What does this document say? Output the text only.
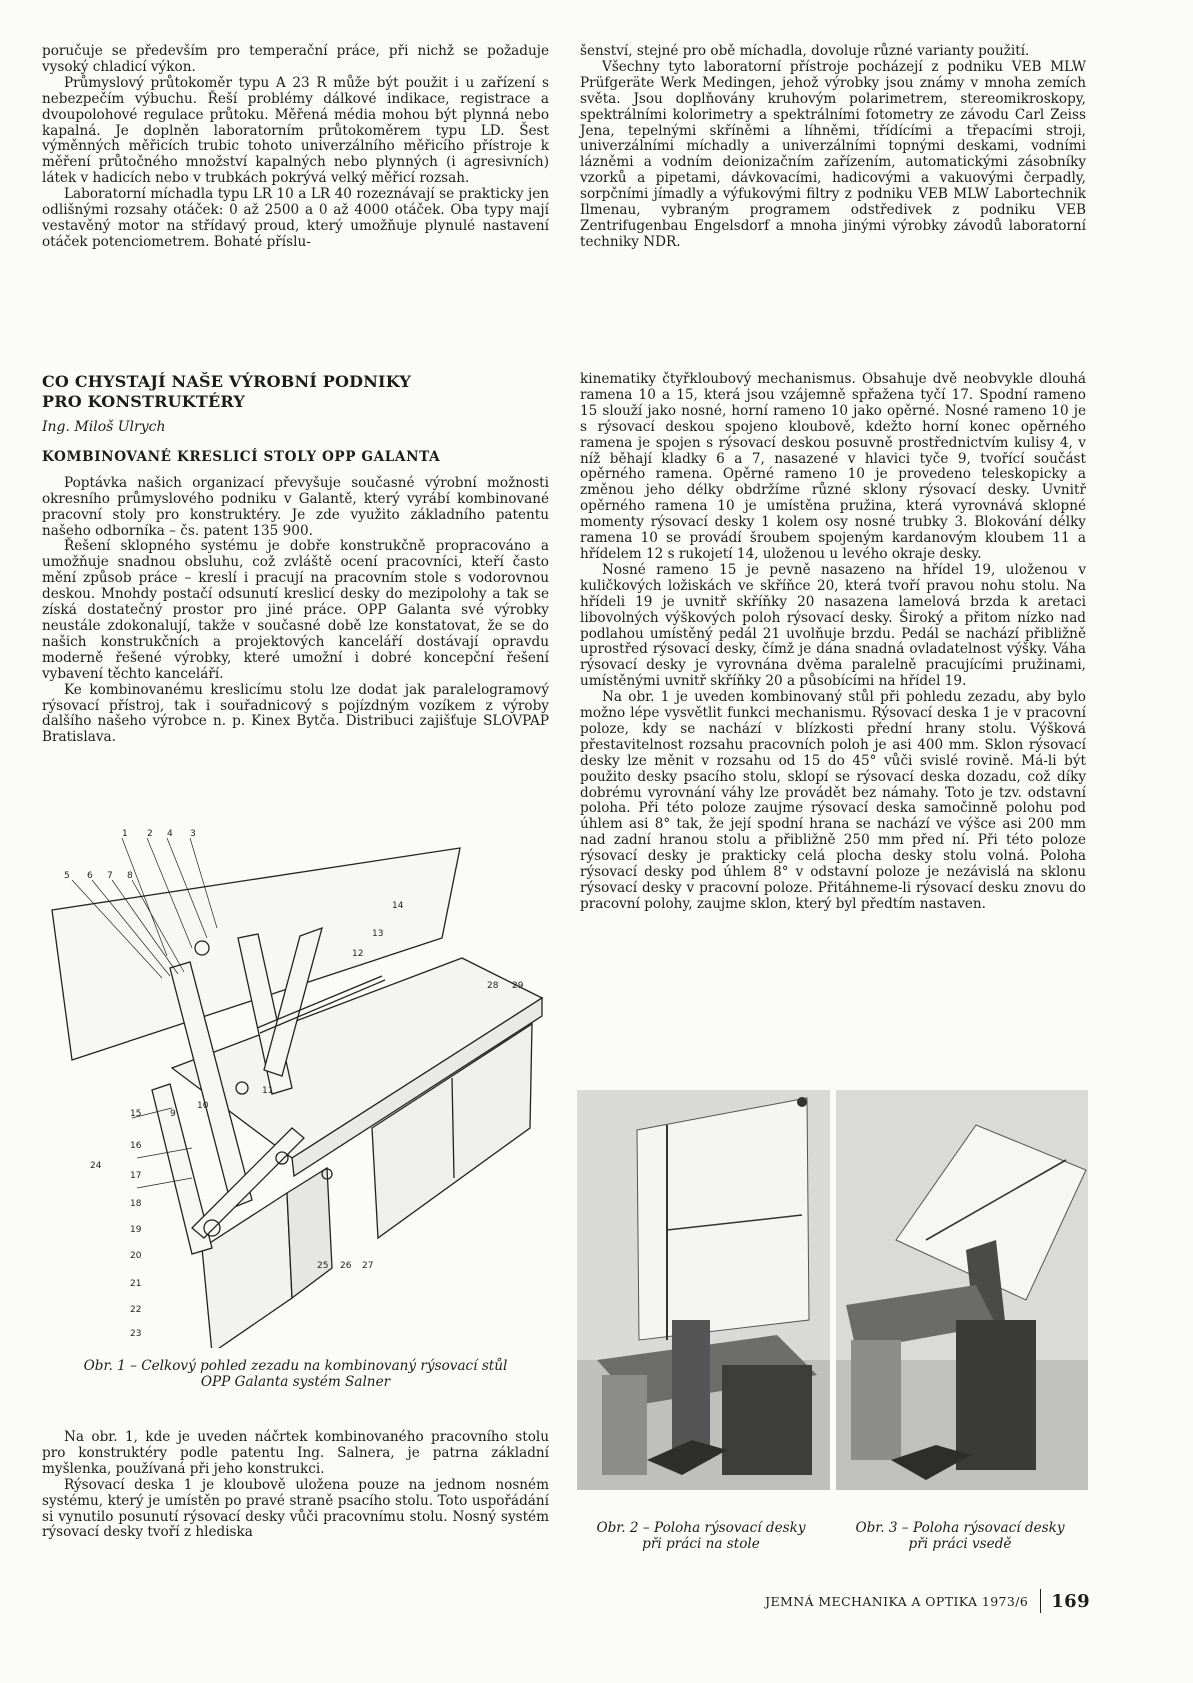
poručuje se především pro temperační práce, při nichž se požaduje vysoký chladicí výkon.

Průmyslový průtokoměr typu A 23 R může být použit i u zařízení s nebezpečím výbuchu. Řeší problémy dálkové indikace, registrace a dvoupolohové regulace průtoku. Měřená média mohou být plynná nebo kapalná. Je doplněn laboratorním průtokoměrem typu LD. Šest výměnných měřicích trubic tohoto univerzálního měřicího přístroje k měření průtočného množství kapalných nebo plynných (i agresivních) látek v hadicích nebo v trubkách pokrývá velký měřicí rozsah.

Laboratorní míchadla typu LR 10 a LR 40 rozeznávají se prakticky jen odlišnými rozsahy otáček: 0 až 2500 a 0 až 4000 otáček. Oba typy mají vestavěný motor na střídavý proud, který umožňuje plynulé nastavení otáček potenciometrem. Bohaté příslu-

šenství, stejné pro obě míchadla, dovoluje různé varianty použití.

Všechny tyto laboratorní přístroje pocházejí z podniku VEB MLW Prüfgeräte Werk Medingen, jehož výrobky jsou známy v mnoha zemích světa. Jsou doplňovány kruhovým polarimetrem, stereomikroskopy, spektrálními kolorimetry a spektrálními fotometry ze závodu Carl Zeiss Jena, tepelnými skříněmi a líhněmi, třídícími a třepacími stroji, univerzálními míchadly a univerzálními topnými deskami, vodními lázněmi a vodním deionizačním zařízením, automatickými zásobníky vzorků a pipetami, dávkovacími, hadicovými a vakuovými čerpadly, sorpčními jímadly a výfukovými filtry z podniku VEB MLW Labortechnik Ilmenau, vybraným programem odstředivek z podniku VEB Zentrifugenbau Engelsdorf a mnoha jinými výrobky závodů laboratorní techniky NDR.

CO CHYSTAJÍ NAŠE VÝROBNÍ PODNIKY
PRO KONSTRUKTÉRY
Ing. Miloš Ulrych
KOMBINOVANÉ KRESLICÍ STOLY OPP GALANTA

Poptávka našich organizací převyšuje současné výrobní možnosti okresního průmyslového podniku v Galantě, který vyrábí kombinované pracovní stoly pro konstruktéry. Je zde využito základního patentu našeho odborníka – čs. patent 135 900.

Řešení sklopného systému je dobře konstrukčně propracováno a umožňuje snadnou obsluhu, což zvláště ocení pracovníci, kteří často mění způsob práce – kreslí i pracují na pracovním stole s vodorovnou deskou. Mnohdy postačí odsunutí kreslicí desky do mezipolohy a tak se získá dostatečný prostor pro jiné práce. OPP Galanta své výrobky neustále zdokonalují, takže v současné době lze konstatovat, že se do našich konstrukčních a projektových kanceláří dostávají opravdu moderně řešené výrobky, které umožní i dobré koncepční řešení vybavení těchto kanceláří.

Ke kombinovanému kreslicímu stolu lze dodat jak paralelogramový rýsovací přístroj, tak i souřadnicový s pojízdným vozíkem z výroby dalšího našeho výrobce n. p. Kinex Bytča. Distribuci zajišťuje SLOVPAP Bratislava.

kinematiky čtyřkloubový mechanismus. Obsahuje dvě neobvykle dlouhá ramena 10 a 15, která jsou vzájemně spřažena tyčí 17. Spodní rameno 15 slouží jako nosné, horní rameno 10 jako opěrné. Nosné rameno 10 je s rýsovací deskou spojeno kloubově, kdežto horní konec opěrného ramena je spojen s rýsovací deskou posuvně prostřednictvím kulisy 4, v níž běhají kladky 6 a 7, nasazené v hlavici tyče 9, tvořící součást opěrného ramena. Opěrné rameno 10 je provedeno teleskopicky a změnou jeho délky obdržíme různé sklony rýsovací desky. Uvnitř opěrného ramena 10 je umístěna pružina, která vyrovnává sklopné momenty rýsovací desky 1 kolem osy nosné trubky 3. Blokování délky ramena 10 se provádí šroubem spojeným kardanovým kloubem 11 a hřídelem 12 s rukojetí 14, uloženou u levého okraje desky.

Nosné rameno 15 je pevně nasazeno na hřídel 19, uloženou v kuličkových ložiskách ve skříňce 20, která tvoří pravou nohu stolu. Na hřídeli 19 je uvnitř skříňky 20 nasazena lamelová brzda k aretaci libovolných výškových poloh rýsovací desky. Široký a přitom nízko nad podlahou umístěný pedál 21 uvolňuje brzdu. Pedál se nachází přibližně uprostřed rýsovací desky, čímž je dána snadná ovladatelnost výšky. Váha rýsovací desky je vyrovnána dvěma paralelně pracujícími pružinami, umístěnými uvnitř skříňky 20 a působícími na hřídel 19.

Na obr. 1 je uveden kombinovaný stůl při pohledu zezadu, aby bylo možno lépe vysvětlit funkci mechanismu. Rýsovací deska 1 je v pracovní poloze, kdy se nachází v blízkosti přední hrany stolu. Výšková přestavitelnost rozsahu pracovních poloh je asi 400 mm. Sklon rýsovací desky lze měnit v rozsahu od 15 do 45° vůči svislé rovině. Má-li být použito desky psacího stolu, sklopí se rýsovací deska dozadu, což díky dobrému vyrovnání váhy lze provádět bez námahy. Toto je tzv. odstavní poloha. Při této poloze zaujme rýsovací deska samočinně polohu pod úhlem asi 8° tak, že její spodní hrana se nachází ve výšce asi 200 mm nad zadní hranou stolu a přibližně 250 mm před ní. Při této poloze rýsovací desky je prakticky celá plocha desky stolu volná. Poloha rýsovací desky pod úhlem 8° v odstavní poloze je nezávislá na sklonu rýsovací desky v pracovní poloze. Přitáhneme-li rýsovací desku znovu do pracovní polohy, zaujme sklon, který byl předtím nastaven.

1 2 4 3
5 6 7 8
14
13
12
28 29
11
9
10
24
15
16
17
18
19
20
21
22
23
25 26 27
Obr. 1 – Celkový pohled zezadu na kombinovaný rýsovací stůl
OPP Galanta systém Salner
Obr. 2 – Poloha rýsovací desky
při práci na stole
Obr. 3 – Poloha rýsovací desky
při práci vsedě

Na obr. 1, kde je uveden náčrtek kombinovaného pracovního stolu pro konstruktéry podle patentu Ing. Salnera, je patrna základní myšlenka, používaná při jeho konstrukci.

Rýsovací deska 1 je kloubově uložena pouze na jednom nosném systému, který je umístěn po pravé straně psacího stolu. Toto uspořádání si vynutilo posunutí rýsovací desky vůči pracovnímu stolu. Nosný systém rýsovací desky tvoří z hlediska

JEMNÁ MECHANIKA A OPTIKA 1973/6 169
